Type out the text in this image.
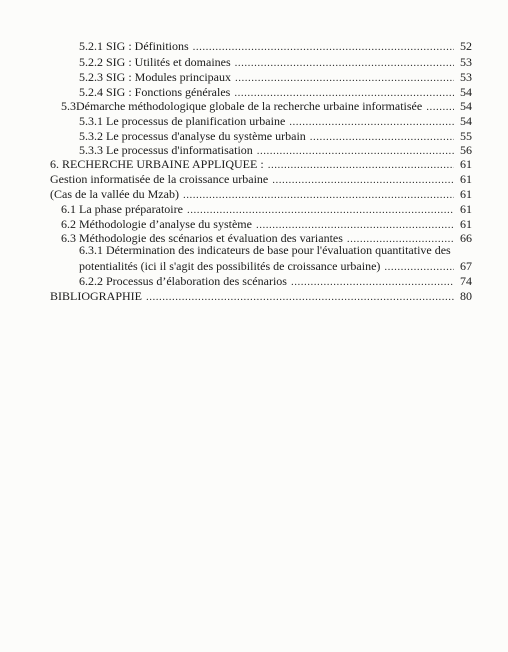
5.2.1 SIG : Définitions .....	52
5.2.2 SIG : Utilités et domaines .....	53
5.2.3 SIG : Modules principaux .....	53
5.2.4 SIG : Fonctions générales .....	54
5.3Démarche méthodologique globale de la recherche urbaine informatisée .....	54
5.3.1 Le processus de planification urbaine .....	54
5.3.2 Le processus d'analyse du système urbain .....	55
5.3.3 Le processus d'informatisation .....	56
6. RECHERCHE URBAINE APPLIQUEE : .....	61
Gestion informatisée de la croissance urbaine .....	61
(Cas de la vallée du Mzab) .....	61
6.1 La phase préparatoire .....	61
6.2 Méthodologie d’analyse du système .....	61
6.3 Méthodologie des scénarios et évaluation des variantes .....	66
6.3.1 Détermination des indicateurs de base pour l'évaluation quantitative des
potentialités (ici il s'agit des possibilités de croissance urbaine) .....	67
6.2.2 Processus d’élaboration des scénarios .....	74
BIBLIOGRAPHIE .....	80
